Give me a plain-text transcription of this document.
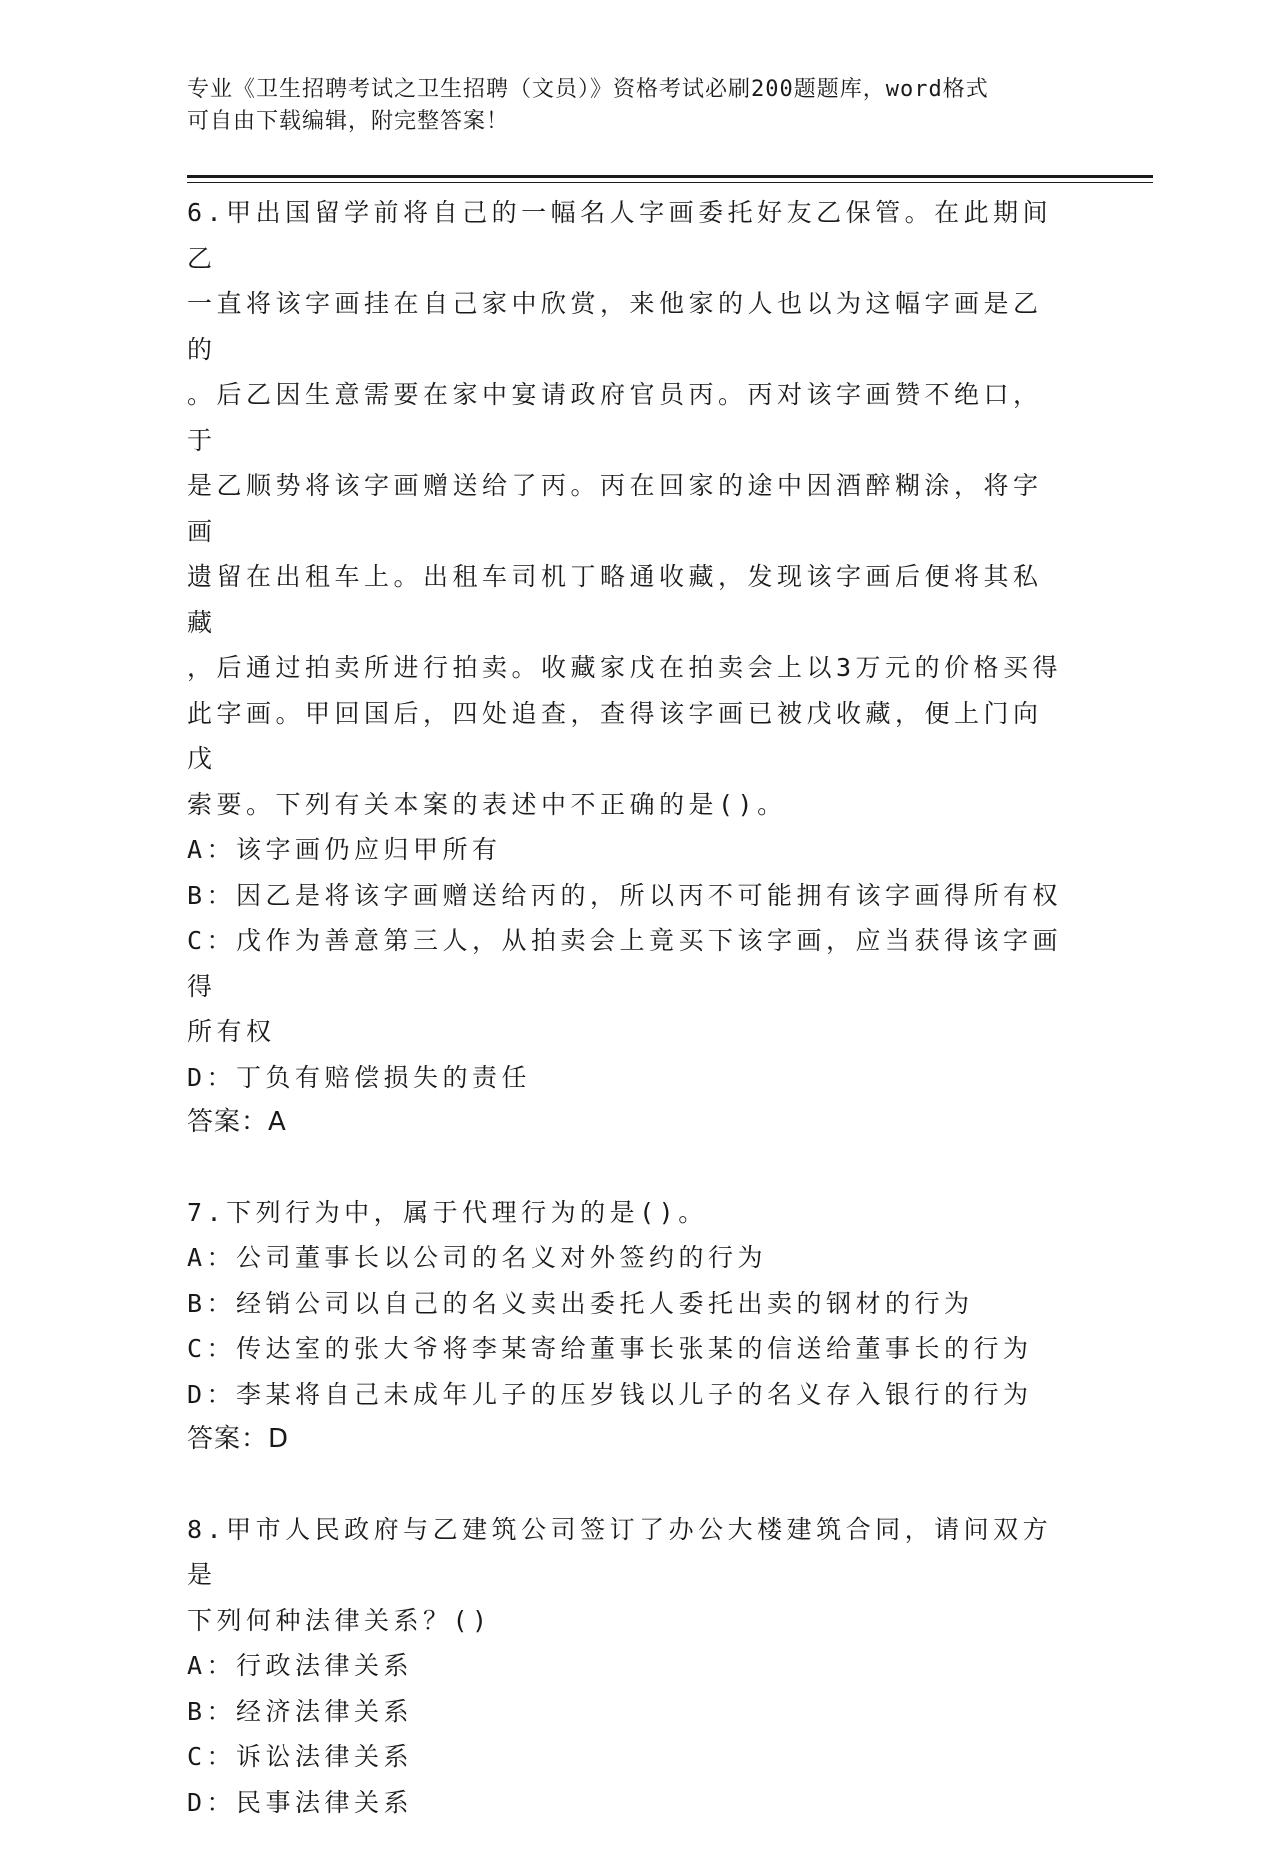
专业《卫生招聘考试之卫生招聘（文员）》资格考试必刷200题题库，word格式
可自由下载编辑，附完整答案！

6.甲出国留学前将自己的一幅名人字画委托好友乙保管。在此期间乙

一直将该字画挂在自己家中欣赏，来他家的人也以为这幅字画是乙的

。后乙因生意需要在家中宴请政府官员丙。丙对该字画赞不绝口，于

是乙顺势将该字画赠送给了丙。丙在回家的途中因酒醉糊涂，将字画

遗留在出租车上。出租车司机丁略通收藏，发现该字画后便将其私藏

，后通过拍卖所进行拍卖。收藏家戊在拍卖会上以3万元的价格买得

此字画。甲回国后，四处追查，查得该字画已被戊收藏，便上门向戊

索要。下列有关本案的表述中不正确的是()。

A：该字画仍应归甲所有

B：因乙是将该字画赠送给丙的，所以丙不可能拥有该字画得所有权

C：戊作为善意第三人，从拍卖会上竟买下该字画，应当获得该字画得

所有权

D：丁负有赔偿损失的责任

答案：A

7.下列行为中，属于代理行为的是()。

A：公司董事长以公司的名义对外签约的行为

B：经销公司以自己的名义卖出委托人委托出卖的钢材的行为

C：传达室的张大爷将李某寄给董事长张某的信送给董事长的行为

D：李某将自己未成年儿子的压岁钱以儿子的名义存入银行的行为

答案：D

8.甲市人民政府与乙建筑公司签订了办公大楼建筑合同，请问双方是

下列何种法律关系？()

A：行政法律关系

B：经济法律关系

C：诉讼法律关系

D：民事法律关系
